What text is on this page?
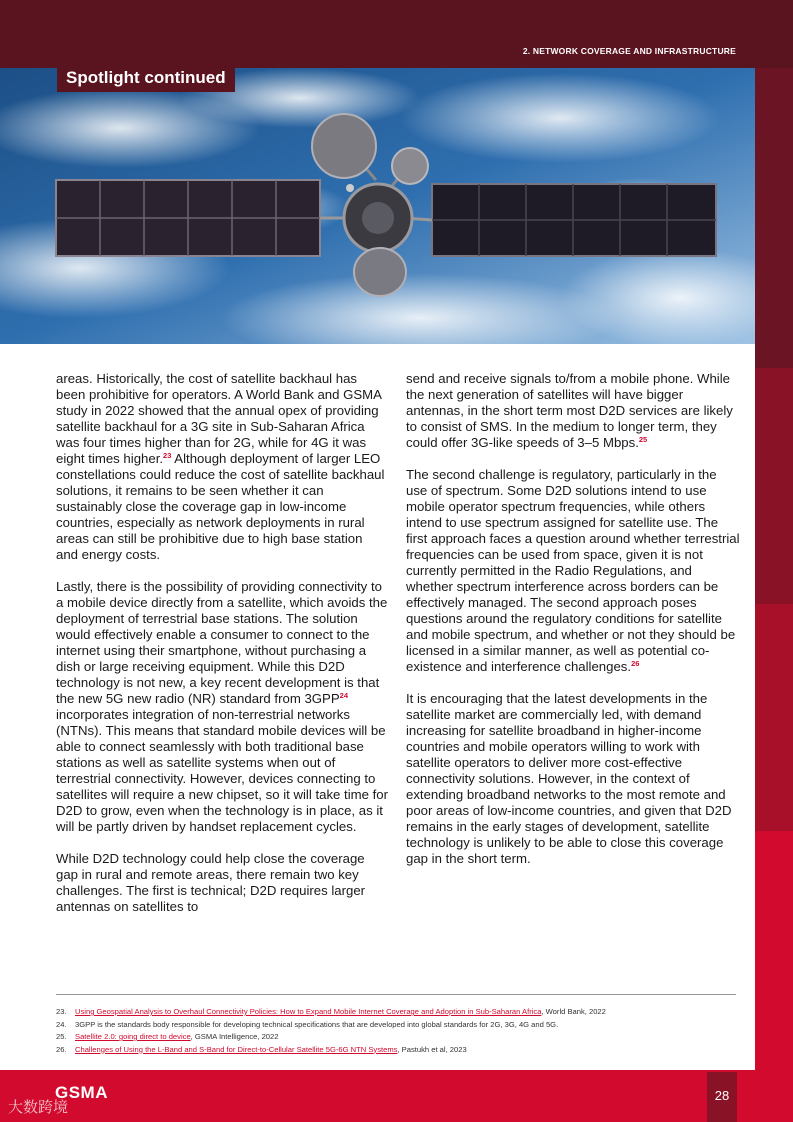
2. NETWORK COVERAGE AND INFRASTRUCTURE
Spotlight continued

areas. Historically, the cost of satellite backhaul has been prohibitive for operators. A World Bank and GSMA study in 2022 showed that the annual opex of providing satellite backhaul for a 3G site in Sub-Saharan Africa was four times higher than for 2G, while for 4G it was eight times higher.$^{23}$ Although deployment of larger LEO constellations could reduce the cost of satellite backhaul solutions, it remains to be seen whether it can sustainably close the coverage gap in low-income countries, especially as network deployments in rural areas can still be prohibitive due to high base station and energy costs.

Lastly, there is the possibility of providing connectivity to a mobile device directly from a satellite, which avoids the deployment of terrestrial base stations. The solution would effectively enable a consumer to connect to the internet using their smartphone, without purchasing a dish or large receiving equipment. While this D2D technology is not new, a key recent development is that the new 5G new radio (NR) standard from 3GPP$^{24}$ incorporates integration of non-terrestrial networks (NTNs). This means that standard mobile devices will be able to connect seamlessly with both traditional base stations as well as satellite systems when out of terrestrial connectivity. However, devices connecting to satellites will require a new chipset, so it will take time for D2D to grow, even when the technology is in place, as it will be partly driven by handset replacement cycles.

While D2D technology could help close the coverage gap in rural and remote areas, there remain two key challenges. The first is technical; D2D requires larger antennas on satellites to

send and receive signals to/from a mobile phone. While the next generation of satellites will have bigger antennas, in the short term most D2D services are likely to consist of SMS. In the medium to longer term, they could offer 3G-like speeds of 3–5 Mbps.$^{25}$

The second challenge is regulatory, particularly in the use of spectrum. Some D2D solutions intend to use mobile operator spectrum frequencies, while others intend to use spectrum assigned for satellite use. The first approach faces a question around whether terrestrial frequencies can be used from space, given it is not currently permitted in the Radio Regulations, and whether spectrum interference across borders can be effectively managed. The second approach poses questions around the regulatory conditions for satellite and mobile spectrum, and whether or not they should be licensed in a similar manner, as well as potential co-existence and interference challenges.$^{26}$

It is encouraging that the latest developments in the satellite market are commercially led, with demand increasing for satellite broadband in higher-income countries and mobile operators willing to work with satellite operators to deliver more cost-effective connectivity solutions. However, in the context of extending broadband networks to the most remote and poor areas of low-income countries, and given that D2D remains in the early stages of development, satellite technology is unlikely to be able to close this coverage gap in the short term.

23.	Using Geospatial Analysis to Overhaul Connectivity Policies: How to Expand Mobile Internet Coverage and Adoption in Sub-Saharan Africa, World Bank, 2022
24.	3GPP is the standards body responsible for developing technical specifications that are developed into global standards for 2G, 3G, 4G and 5G.
25.	Satellite 2.0: going direct to device, GSMA Intelligence, 2022
26.	Challenges of Using the L-Band and S-Band for Direct-to-Cellular Satellite 5G-6G NTN Systems, Pastukh et al, 2023
GSMA	28
大数跨境
